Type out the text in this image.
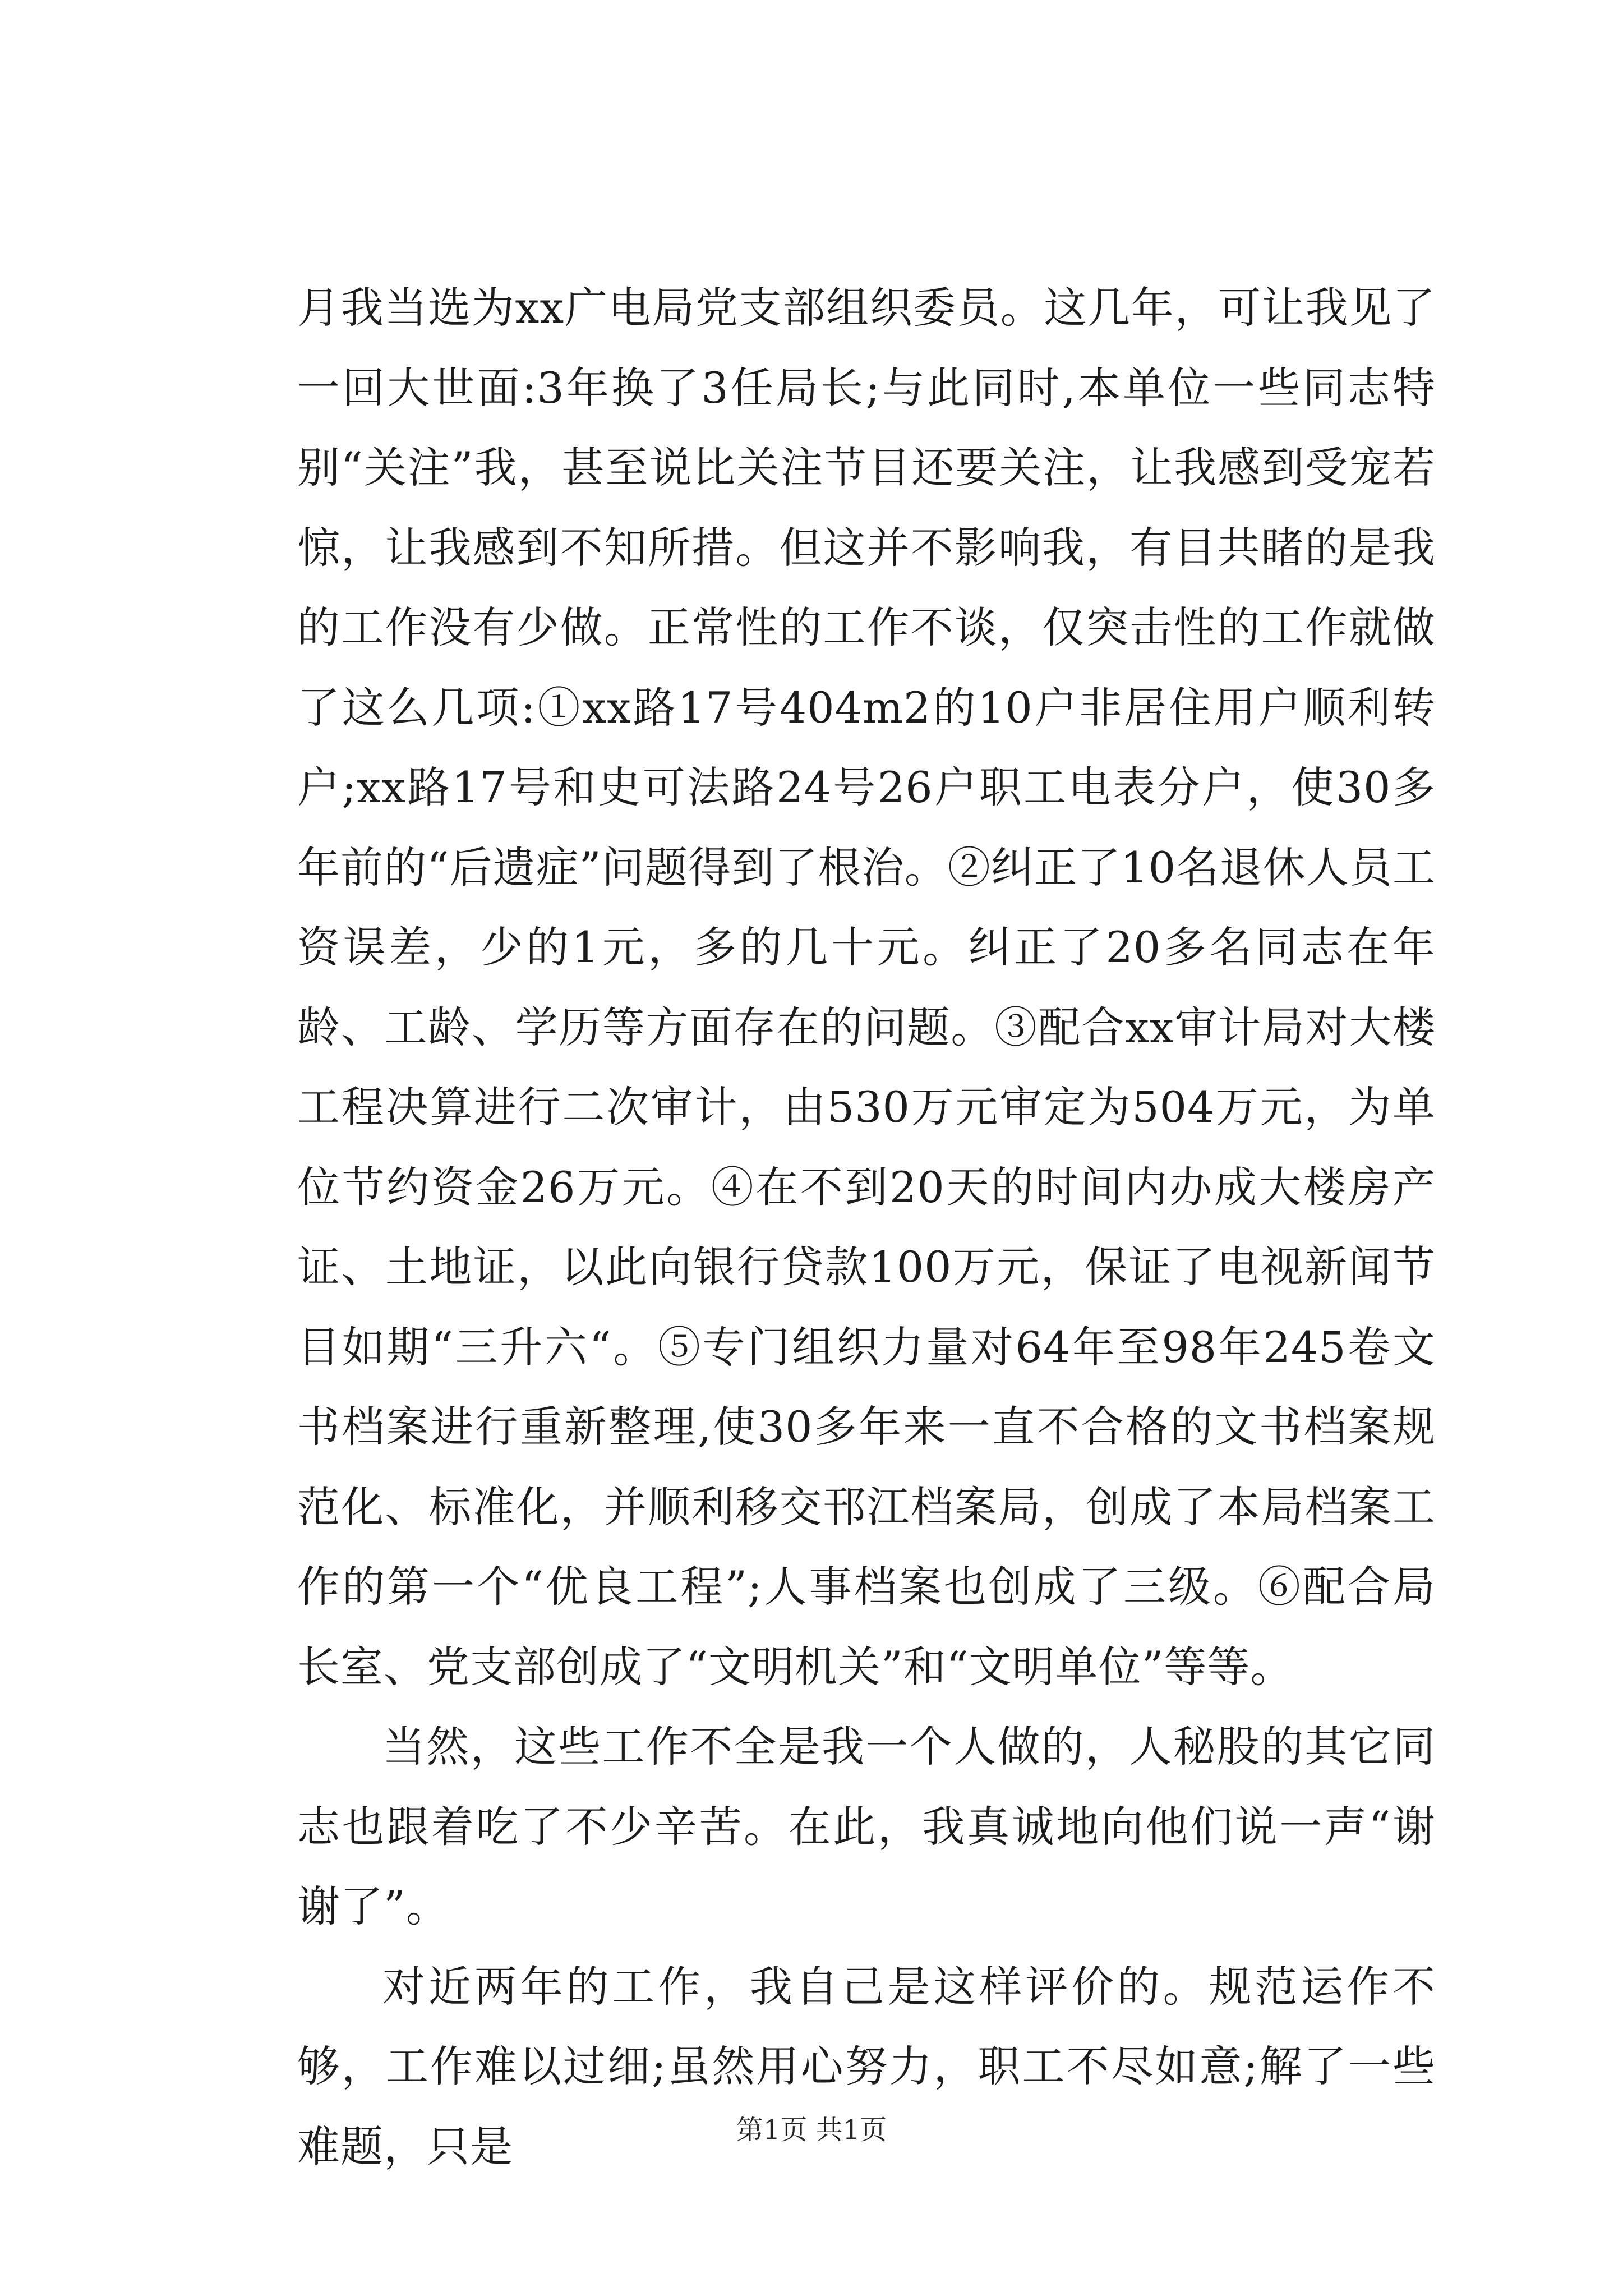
月我当选为xx广电局党支部组织委员。这几年，可让我见了一回大世面:3年换了3任局长;与此同时,本单位一些同志特别“关注”我，甚至说比关注节目还要关注，让我感到受宠若惊，让我感到不知所措。但这并不影响我，有目共睹的是我的工作没有少做。正常性的工作不谈，仅突击性的工作就做了这么几项:①xx路17号404m2的10户非居住用户顺利转户;xx路17号和史可法路24号26户职工电表分户，使30多年前的“后遗症”问题得到了根治。②纠正了10名退休人员工资误差，少的1元，多的几十元。纠正了20多名同志在年龄、工龄、学历等方面存在的问题。③配合xx审计局对大楼工程决算进行二次审计，由530万元审定为504万元，为单位节约资金26万元。④在不到20天的时间内办成大楼房产证、土地证，以此向银行贷款100万元，保证了电视新闻节目如期“三升六“。⑤专门组织力量对64年至98年245卷文书档案进行重新整理,使30多年来一直不合格的文书档案规范化、标准化，并顺利移交邗江档案局，创成了本局档案工作的第一个“优良工程”;人事档案也创成了三级。⑥配合局长室、党支部创成了“文明机关”和“文明单位”等等。

当然，这些工作不全是我一个人做的，人秘股的其它同志也跟着吃了不少辛苦。在此，我真诚地向他们说一声“谢谢了”。

对近两年的工作，我自己是这样评价的。规范运作不够，工作难以过细;虽然用心努力，职工不尽如意;解了一些难题，只是	第1页 共1页
